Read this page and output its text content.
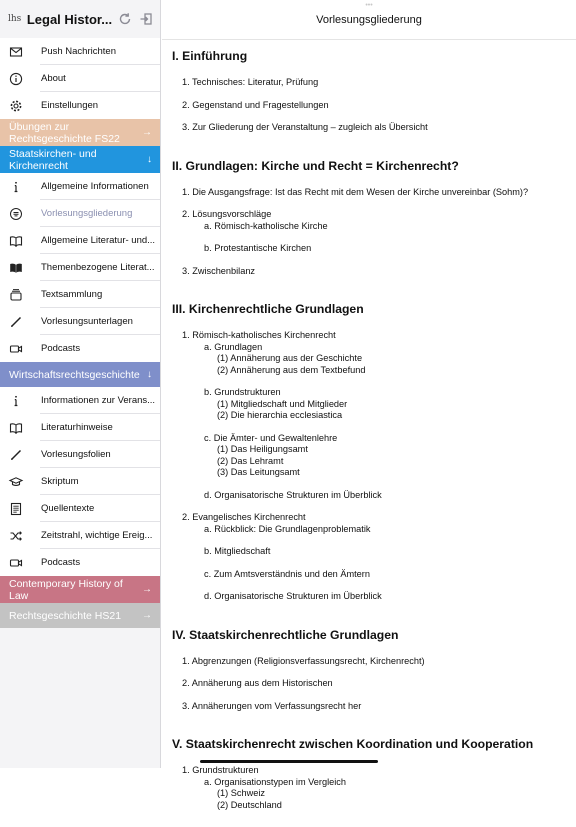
lhs Legal Histor...
Push Nachrichten
About
Einstellungen
Übungen zur Rechtsgeschichte FS22
→
Staatskirchen- und Kirchenrecht
↓
Allgemeine Informationen
Vorlesungsgliederung
Allgemeine Literatur- und...
Themenbezogene Literat...
Textsammlung
Vorlesungsunterlagen
Podcasts
Wirtschaftsrechtsgeschichte ↓
Informationen zur Verans...
Literaturhinweise
Vorlesungsfolien
Skriptum
Quellentexte
Zeitstrahl, wichtige Ereig...
Podcasts
Contemporary History of Law
→
Rechtsgeschichte HS21	→
•••
Vorlesungsgliederung
I. Einführung
1. Technisches: Literatur, Prüfung
2. Gegenstand und Fragestellungen
3. Zur Gliederung der Veranstaltung – zugleich als Übersicht
II. Grundlagen: Kirche und Recht = Kirchenrecht?
1. Die Ausgangsfrage: Ist das Recht mit dem Wesen der Kirche unvereinbar (Sohm)?
2. Lösungsvorschläge
a. Römisch-katholische Kirche
b. Protestantische Kirchen
3. Zwischenbilanz
III. Kirchenrechtliche Grundlagen
1. Römisch-katholisches Kirchenrecht
a. Grundlagen
(1) Annäherung aus der Geschichte
(2) Annäherung aus dem Textbefund
b. Grundstrukturen
(1) Mitgliedschaft und Mitglieder
(2) Die hierarchia ecclesiastica
c. Die Ämter- und Gewaltenlehre
(1) Das Heiligungsamt
(2) Das Lehramt
(3) Das Leitungsamt
d. Organisatorische Strukturen im Überblick
2. Evangelisches Kirchenrecht
a. Rückblick: Die Grundlagenproblematik
b. Mitgliedschaft
c. Zum Amtsverständnis und den Ämtern
d. Organisatorische Strukturen im Überblick
IV. Staatskirchenrechtliche Grundlagen
1. Abgrenzungen (Religionsverfassungsrecht, Kirchenrecht)
2. Annäherung aus dem Historischen
3. Annäherungen vom Verfassungsrecht her
V. Staatskirchenrecht zwischen Koordination und Kooperation
1. Grundstrukturen
a. Organisationstypen im Vergleich
(1) Schweiz
(2) Deutschland
